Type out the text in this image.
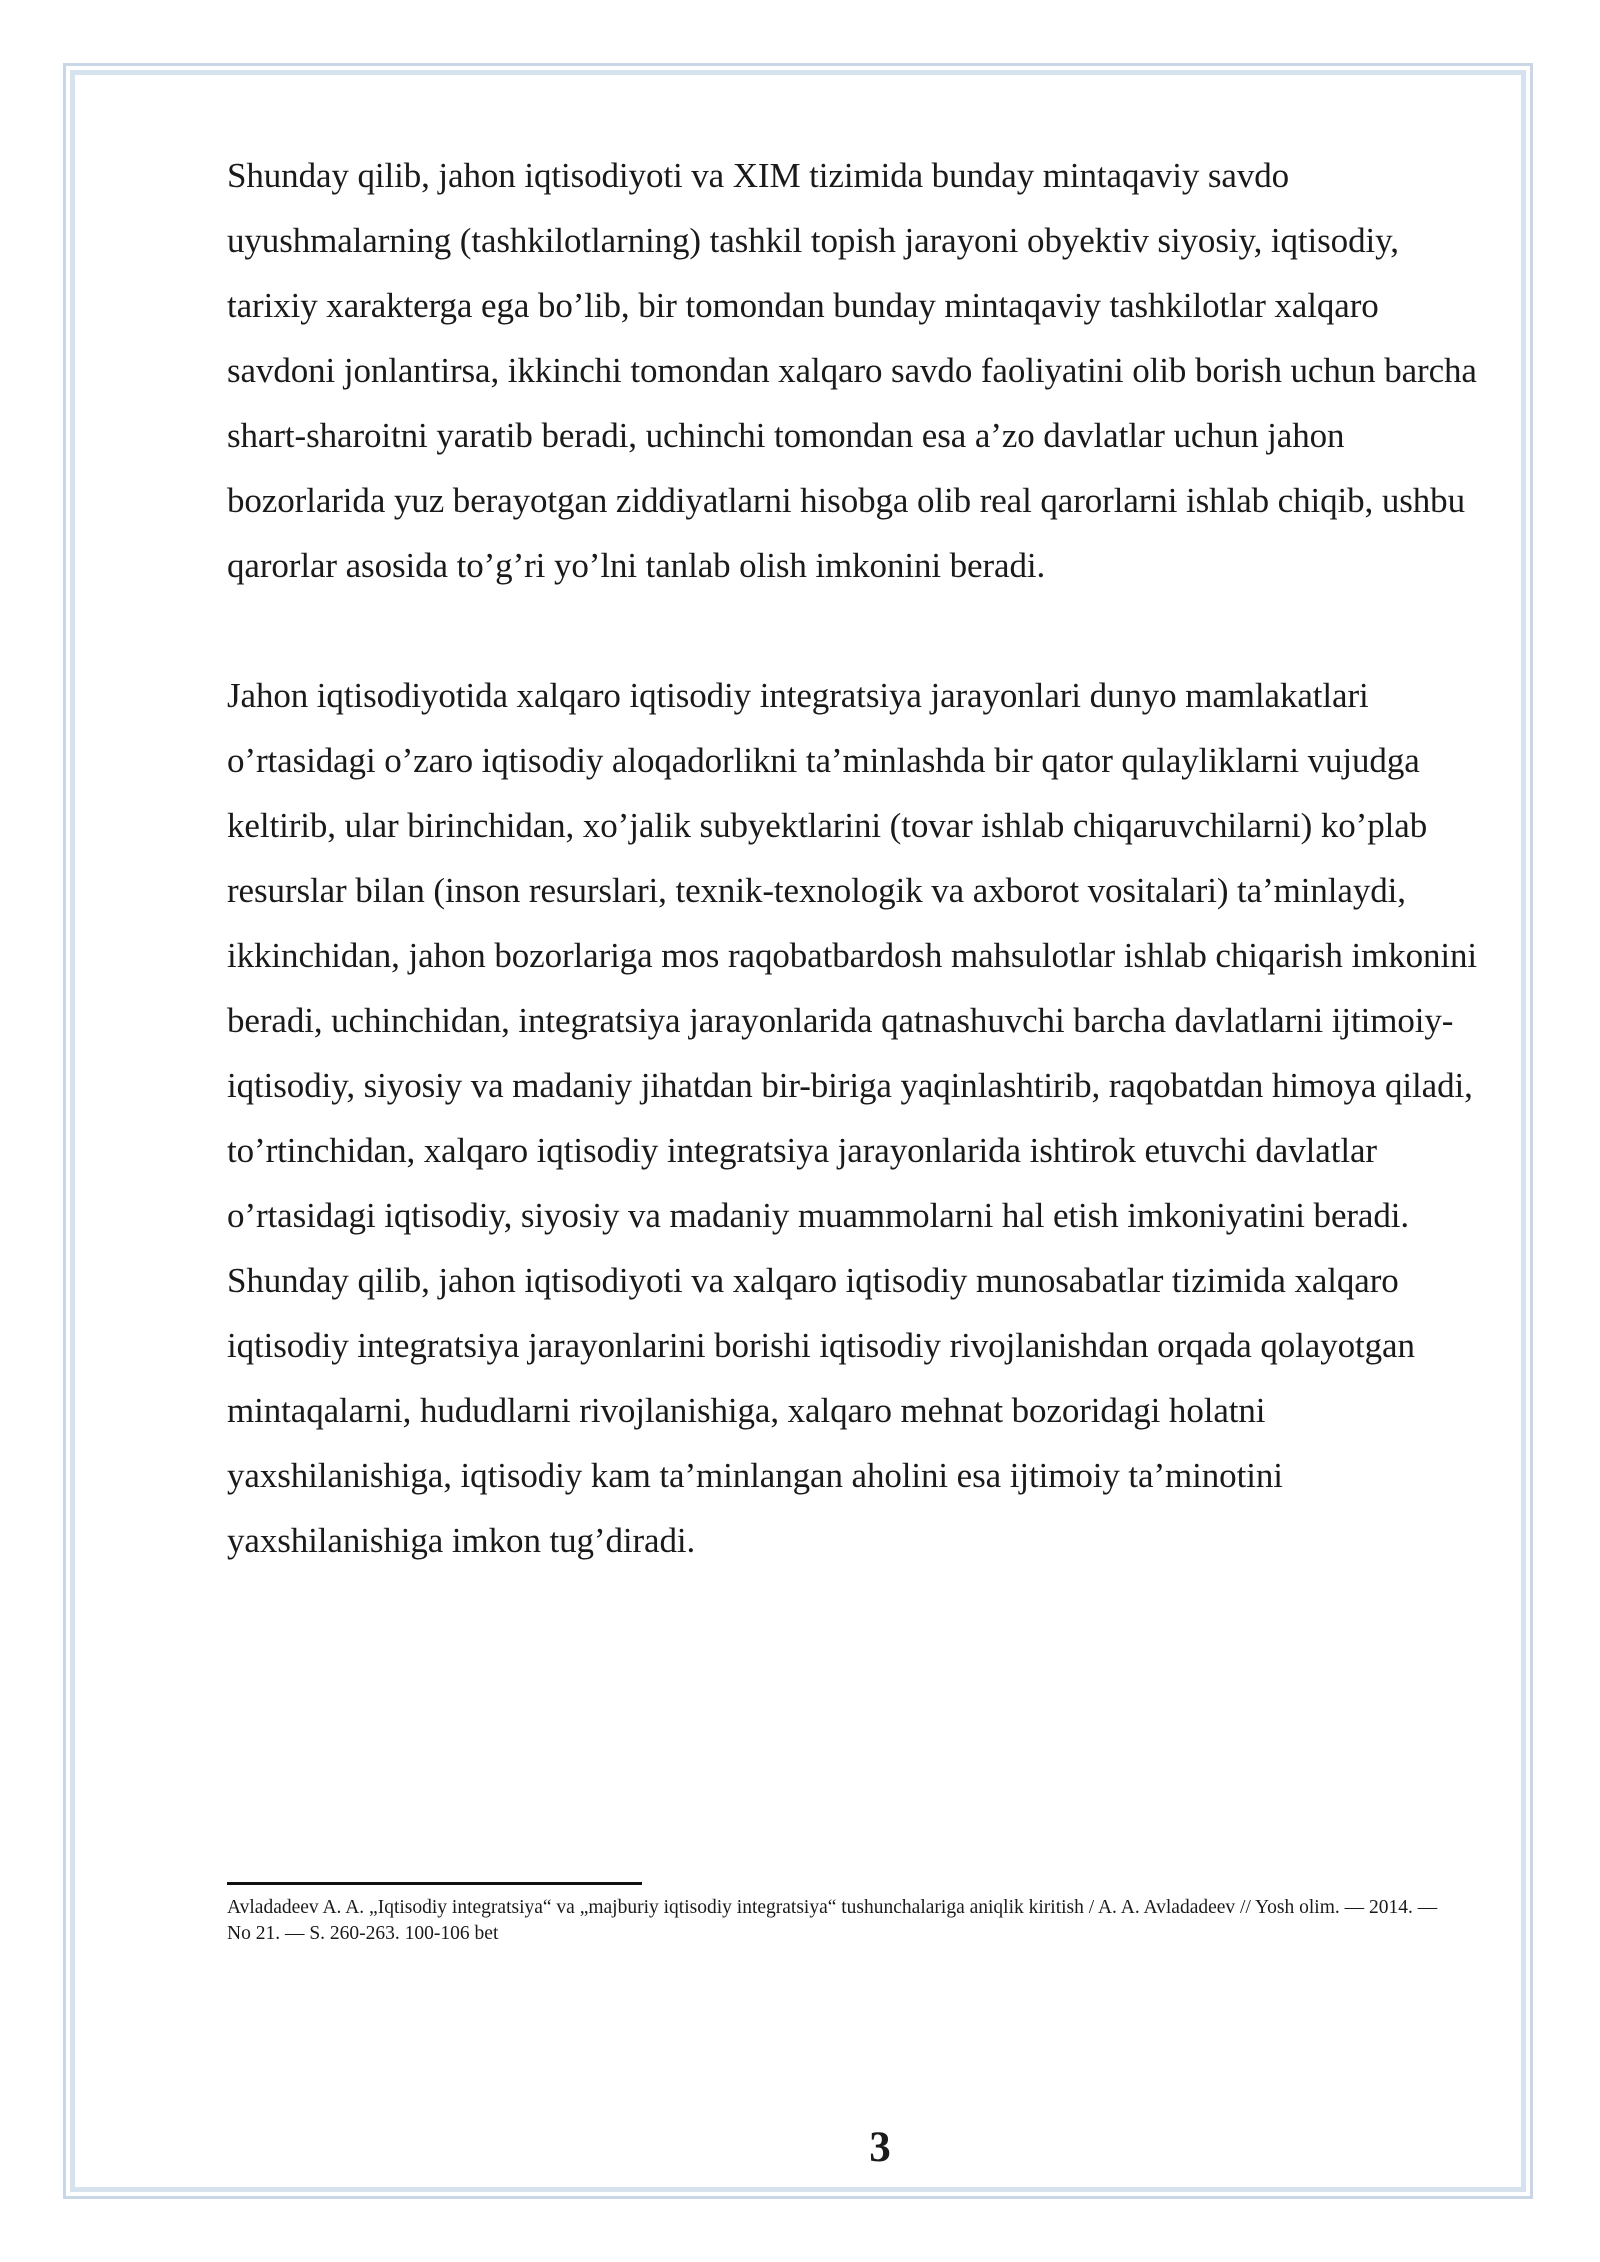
Shunday qilib, jahon iqtisodiyoti va XIM tizimida bunday mintaqaviy savdo uyushmalarning (tashkilotlarning) tashkil topish jarayoni obyektiv siyosiy, iqtisodiy, tarixiy xarakterga ega bo’lib, bir tomondan bunday mintaqaviy tashkilotlar xalqaro savdoni jonlantirsa, ikkinchi tomondan xalqaro savdo faoliyatini olib borish uchun barcha shart-sharoitni yaratib beradi, uchinchi tomondan esa a’zo davlatlar uchun jahon bozorlarida yuz berayotgan ziddiyatlarni hisobga olib real qarorlarni ishlab chiqib, ushbu qarorlar asosida to’g’ri yo’lni tanlab olish imkonini beradi.

Jahon iqtisodiyotida xalqaro iqtisodiy integratsiya jarayonlari dunyo mamlakatlari o’rtasidagi o’zaro iqtisodiy aloqadorlikni ta’minlashda bir qator qulayliklarni vujudga keltirib, ular birinchidan, xo’jalik subyektlarini (tovar ishlab chiqaruvchilarni) ko’plab resurslar bilan (inson resurslari, texnik-texnologik va axborot vositalari) ta’minlaydi, ikkinchidan, jahon bozorlariga mos raqobatbardosh mahsulotlar ishlab chiqarish imkonini beradi, uchinchidan, integratsiya jarayonlarida qatnashuvchi barcha davlatlarni ijtimoiy-iqtisodiy, siyosiy va madaniy jihatdan bir-biriga yaqinlashtirib, raqobatdan himoya qiladi, to’rtinchidan, xalqaro iqtisodiy integratsiya jarayonlarida ishtirok etuvchi davlatlar o’rtasidagi iqtisodiy, siyosiy va madaniy muammolarni hal etish imkoniyatini beradi. Shunday qilib, jahon iqtisodiyoti va xalqaro iqtisodiy munosabatlar tizimida xalqaro iqtisodiy integratsiya jarayonlarini borishi iqtisodiy rivojlanishdan orqada qolayotgan mintaqalarni, hududlarni rivojlanishiga, xalqaro mehnat bozoridagi holatni yaxshilanishiga, iqtisodiy kam ta’minlangan aholini esa ijtimoiy ta’minotini yaxshilanishiga imkon tug’diradi.

Avladadeev A. A. „Iqtisodiy integratsiya“ va „majburiy iqtisodiy integratsiya“ tushunchalariga aniqlik kiritish / A. A. Avladadeev // Yosh olim. — 2014. — No 21. — S. 260-263. 100-106 bet
3
